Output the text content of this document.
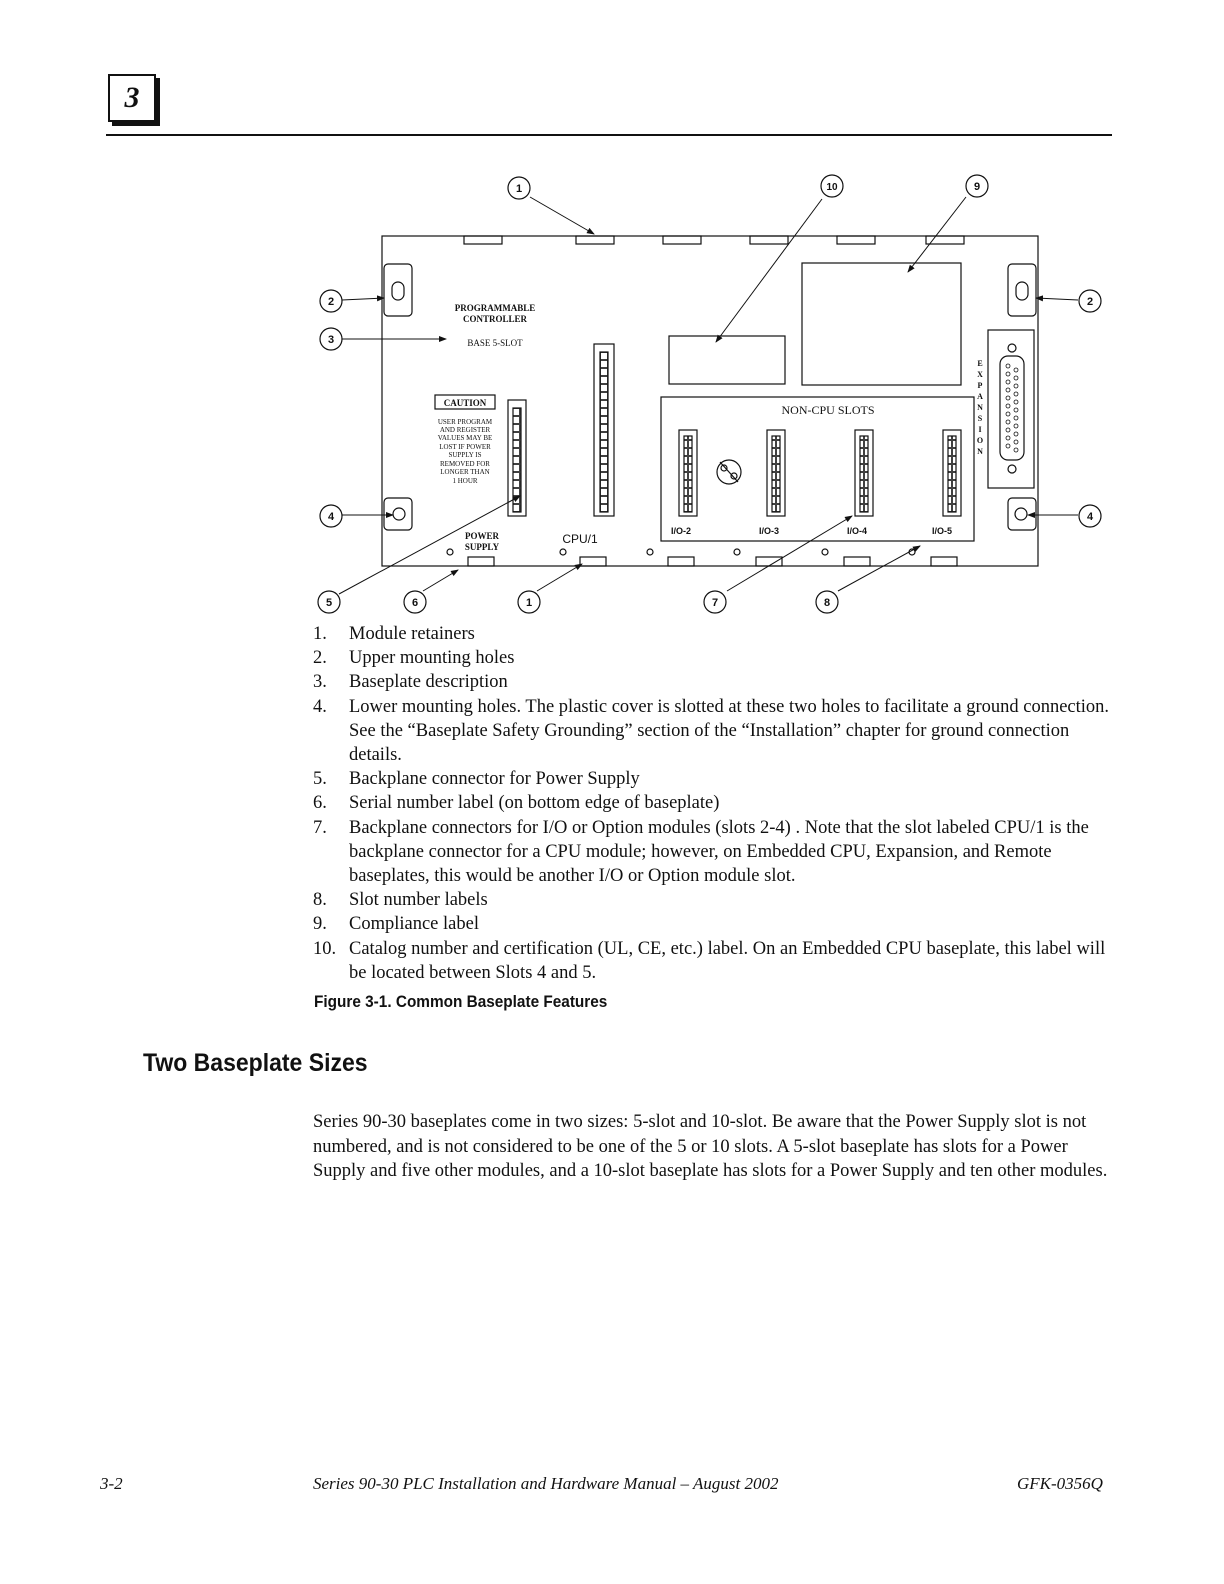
3
PROGRAMMABLE
CONTROLLER
BASE 5-SLOT
CAUTION
USER PROGRAM
AND REGISTER
VALUES MAY BE
LOST IF POWER
SUPPLY IS
REMOVED FOR
LONGER THAN
1 HOUR
POWER
SUPPLY
CPU/1
NON-CPU SLOTS
I/O-2	I/O-3	I/O-4	I/O-5
E
X
P
A
N
S
I
O
N
1	10	9
2	2
3
4	4
5	6	1	7	8
1. Module retainers
2. Upper mounting holes
3. Baseplate description
4. Lower mounting holes. The plastic cover is slotted at these two holes to facilitate a ground connection. See the “Baseplate Safety Grounding” section of the “Installation” chapter for ground connection details.
5. Backplane connector for Power Supply
6. Serial number label (on bottom edge of baseplate)
7. Backplane connectors for I/O or Option modules (slots 2-4) . Note that the slot labeled CPU/1 is the backplane connector for a CPU module; however, on Embedded CPU, Expansion, and Remote baseplates, this would be another I/O or Option module slot.
8. Slot number labels
9. Compliance label
10. Catalog number and certification (UL, CE, etc.) label. On an Embedded CPU baseplate, this label will be located between Slots 4 and 5.
Figure 3-1. Common Baseplate Features
Two Baseplate Sizes

Series 90-30 baseplates come in two sizes: 5-slot and 10-slot. Be aware that the Power Supply slot is not numbered, and is not considered to be one of the 5 or 10 slots. A 5-slot baseplate has slots for a Power Supply and five other modules, and a 10-slot baseplate has slots for a Power Supply and ten other modules.

3-2	Series 90-30 PLC Installation and Hardware Manual – August 2002	GFK-0356Q
